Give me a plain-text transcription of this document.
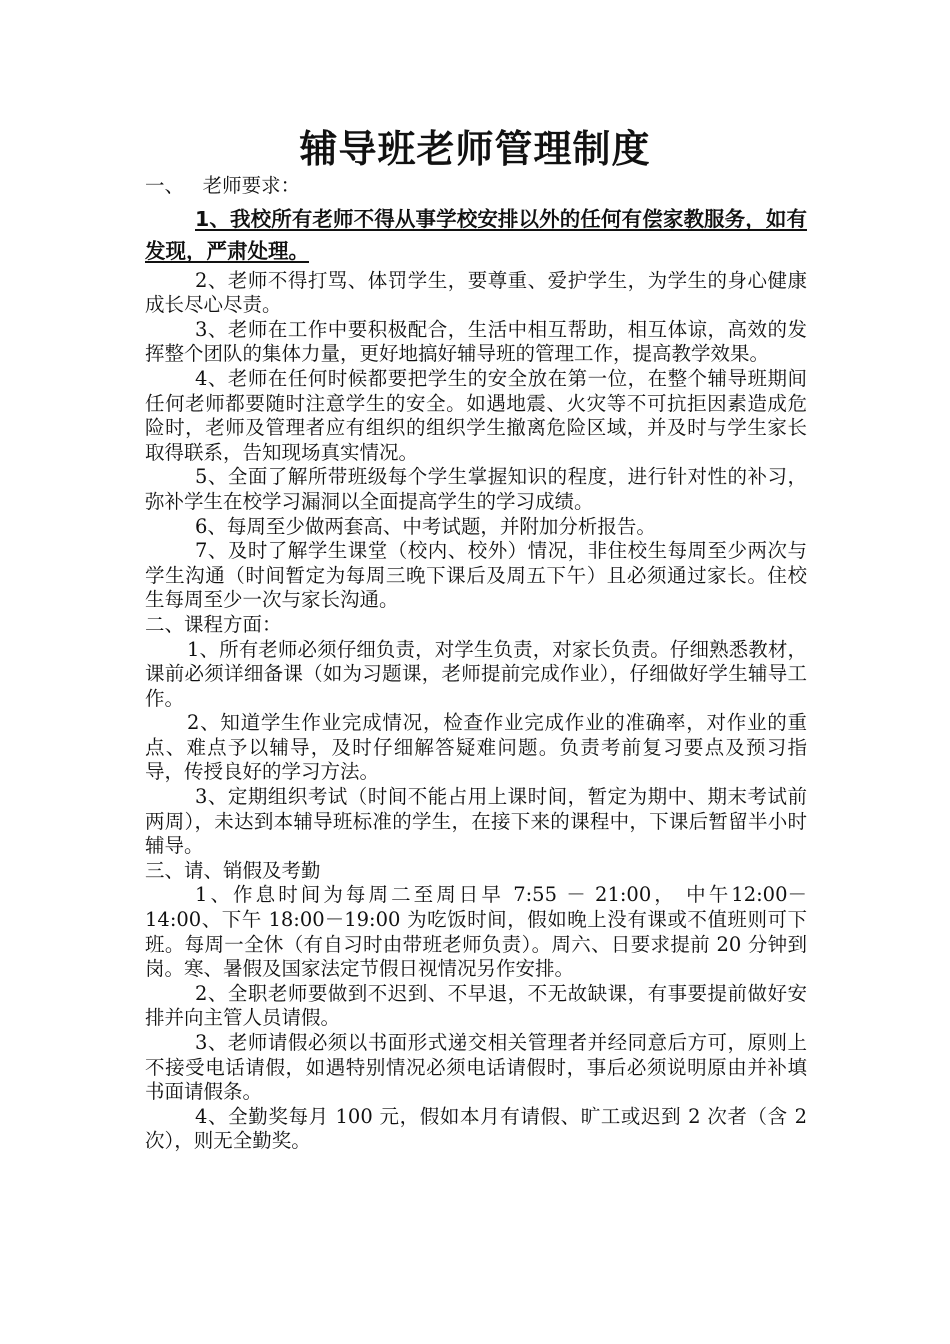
辅导班老师管理制度

一、   老师要求：

1、我校所有老师不得从事学校安排以外的任何有偿家教服务，如有发现，严肃处理。

2、老师不得打骂、体罚学生，要尊重、爱护学生，为学生的身心健康成长尽心尽责。

3、老师在工作中要积极配合，生活中相互帮助，相互体谅，高效的发挥整个团队的集体力量，更好地搞好辅导班的管理工作，提高教学效果。

4、老师在任何时候都要把学生的安全放在第一位，在整个辅导班期间任何老师都要随时注意学生的安全。如遇地震、火灾等不可抗拒因素造成危险时，老师及管理者应有组织的组织学生撤离危险区域，并及时与学生家长取得联系，告知现场真实情况。

5、全面了解所带班级每个学生掌握知识的程度，进行针对性的补习，弥补学生在校学习漏洞以全面提高学生的学习成绩。

6、每周至少做两套高、中考试题，并附加分析报告。

7、及时了解学生课堂（校内、校外）情况，非住校生每周至少两次与学生沟通（时间暂定为每周三晚下课后及周五下午）且必须通过家长。住校生每周至少一次与家长沟通。

二、课程方面：

1、所有老师必须仔细负责，对学生负责，对家长负责。仔细熟悉教材，课前必须详细备课（如为习题课，老师提前完成作业），仔细做好学生辅导工作。

2、知道学生作业完成情况，检查作业完成作业的准确率，对作业的重点、难点予以辅导，及时仔细解答疑难问题。负责考前复习要点及预习指导，传授良好的学习方法。

3、定期组织考试（时间不能占用上课时间，暂定为期中、期末考试前两周），未达到本辅导班标准的学生，在接下来的课程中，下课后暂留半小时辅导。

三、请、销假及考勤

1、作息时间为每周二至周日早 7:55 － 21:00， 中午12:00－14:00、下午 18:00－19:00 为吃饭时间，假如晚上没有课或不值班则可下班。每周一全休（有自习时由带班老师负责）。周六、日要求提前 20 分钟到岗。寒、暑假及国家法定节假日视情况另作安排。

2、全职老师要做到不迟到、不早退，不无故缺课，有事要提前做好安排并向主管人员请假。

3、老师请假必须以书面形式递交相关管理者并经同意后方可，原则上不接受电话请假，如遇特别情况必须电话请假时，事后必须说明原由并补填书面请假条。

4、全勤奖每月 100 元，假如本月有请假、旷工或迟到 2 次者（含 2 次），则无全勤奖。
